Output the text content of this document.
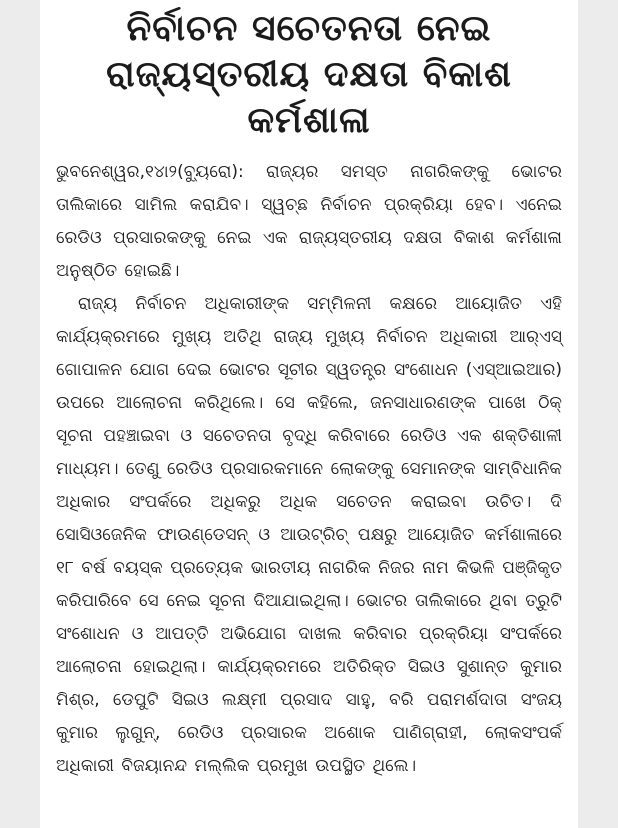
ନିର୍ବାଚନ ସଚେତନତା ନେଇ
ରାଜ୍ୟସ୍ତରୀୟ ଦକ୍ଷତା ବିକାଶ କର୍ମଶାଳା

ଭୁବନେଶ୍ୱର,୧୪ା୨(ବ୍ୟୁରୋ): ରାଜ୍ୟର ସମସ୍ତ ନାଗରିକଙ୍କୁ ଭୋଟର ତାଲିକାରେ ସାମିଲ କରାଯିବ। ସ୍ୱଚ୍ଛ ନିର୍ବାଚନ ପ୍ରକ୍ରିୟା ହେବ। ଏନେଇ ରେଡିଓ ପ୍ରସାରକଙ୍କୁ ନେଇ ଏକ ରାଜ୍ୟସ୍ତରୀୟ ଦକ୍ଷତା ବିକାଶ କର୍ମଶାଳା ଅନୁଷ୍ଠିତ ହୋଇଛି।

ରାଜ୍ୟ ନିର୍ବାଚନ ଅଧିକାରୀଙ୍କ ସମ୍ମିଳନୀ କକ୍ଷରେ ଆୟୋଜିତ ଏହି କାର୍ଯ୍ୟକ୍ରମରେ ମୁଖ୍ୟ ଅତିଥି ରାଜ୍ୟ ମୁଖ୍ୟ ନିର୍ବାଚନ ଅଧିକାରୀ ଆର୍‌ଏସ୍ ଗୋପାଳନ ଯୋଗ ଦେଇ ଭୋଟର ସୂଚୀର ସ୍ୱତନ୍ତ୍ର ସଂଶୋଧନ (ଏସ୍‌ଆଇଆର) ଉପରେ ଆଲୋଚନା କରିଥିଲେ। ସେ କହିଲେ, ଜନସାଧାରଣଙ୍କ ପାଖେ ଠିକ୍ ସୂଚନା ପହଞ୍ଚାଇବା ଓ ସଚେତନତା ବୃଦ୍ଧି କରିବାରେ ରେଡିଓ ଏକ ଶକ୍ତିଶାଳୀ ମାଧ୍ୟମ। ତେଣୁ ରେଡିଓ ପ୍ରସାରକମାନେ ଲୋକଙ୍କୁ ସେମାନଙ୍କ ସାମ୍ବିଧାନିକ ଅଧିକାର ସଂପର୍କରେ ଅଧିକରୁ ଅଧିକ ସଚେତନ କରାଇବା ଉଚିତ। ଦି ସୋସିଓଜେନିକ ଫାଉଣ୍ଡେସନ୍ ଓ ଆଉଟ୍‌ରିଚ୍ ପକ୍ଷରୁ ଆୟୋଜିତ କର୍ମଶାଳାରେ ୧୮ ବର୍ଷ ବୟସ୍କ ପ୍ରତ୍ୟେକ ଭାରତୀୟ ନାଗରିକ ନିଜର ନାମ କିଭଳି ପଞ୍ଜିକୃତ କରିପାରିବେ ସେ ନେଇ ସୂଚନା ଦିଆଯାଇଥିଲା। ଭୋଟର ତାଲିକାରେ ଥିବା ତ୍ରୁଟି ସଂଶୋଧନ ଓ ଆପତ୍ତି ଅଭିଯୋଗ ଦାଖଲ କରିବାର ପ୍ରକ୍ରିୟା ସଂପର୍କରେ ଆଲୋଚନା ହୋଇଥିଲା। କାର୍ଯ୍ୟକ୍ରମରେ ଅତିରିକ୍ତ ସିଇଓ ସୁଶାନ୍ତ କୁମାର ମିଶ୍ର, ଡେପୁଟି ସିଇଓ ଲକ୍ଷ୍ମୀ ପ୍ରସାଦ ସାହୁ, ବରି ପରାମର୍ଶଦାତା ସଂଜୟ କୁମାର ଲୁଗୁନ୍, ରେଡିଓ ପ୍ରସାରକ ଅଶୋକ ପାଣିଗ୍ରାହୀ, ଲୋକସଂପର୍କ ଅଧିକାରୀ ବିଜୟାନନ୍ଦ ମଲ୍ଲିକ ପ୍ରମୁଖ ଉପସ୍ଥିତ ଥିଲେ।
